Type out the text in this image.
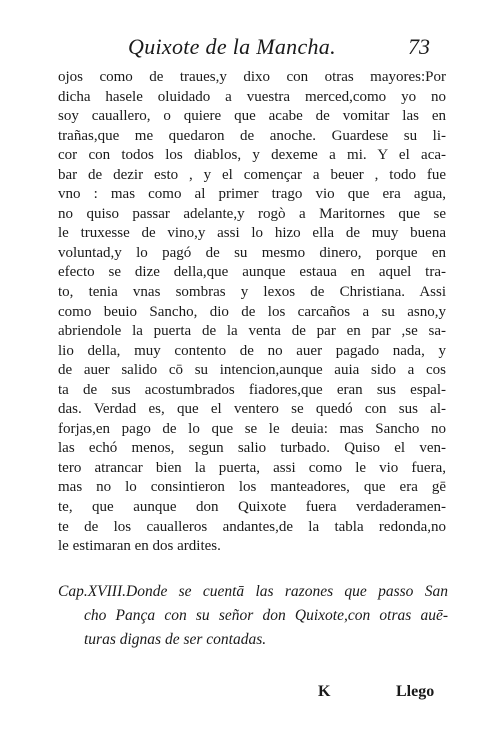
Quixote de la Mancha.	73
ojos como de traues,y dixo con otras mayores:Por
dicha hasele oluidado a vuestra merced,como yo no
soy cauallero, o quiere que acabe de vomitar las en
trañas,que me quedaron de anoche. Guardese su li-
cor con todos los diablos, y dexeme a mi. Y el aca-
bar de dezir esto , y el començar a beuer , todo fue
vno : mas como al primer trago vio que era agua,
no quiso passar adelante,y rogò a Maritornes que se
le truxesse de vino,y assi lo hizo ella de muy buena
voluntad,y lo pagó de su mesmo dinero, porque en
efecto se dize della,que aunque estaua en aquel tra-
to, tenia vnas sombras y lexos de Christiana. Assi
como beuio Sancho, dio de los carcaños a su asno,y
abriendole la puerta de la venta de par en par ,se sa-
lio della, muy contento de no auer pagado nada, y
de auer salido cō su intencion,aunque auia sido a cos
ta de sus acostumbrados fiadores,que eran sus espal-
das. Verdad es, que el ventero se quedó con sus al-
forjas,en pago de lo que se le deuia: mas Sancho no
las echó menos, segun salio turbado. Quiso el ven-
tero atrancar bien la puerta, assi como le vio fuera,
mas no lo consintieron los manteadores, que era gē
te, que aunque don Quixote fuera verdaderamen-
te de los caualleros andantes,de la tabla redonda,no
le estimaran en dos ardites.
Cap.XVIII.Donde se cuentā las razones que passo San
cho Pança con su señor don Quixote,con otras auē-
turas dignas de ser contadas.
K	Llego
